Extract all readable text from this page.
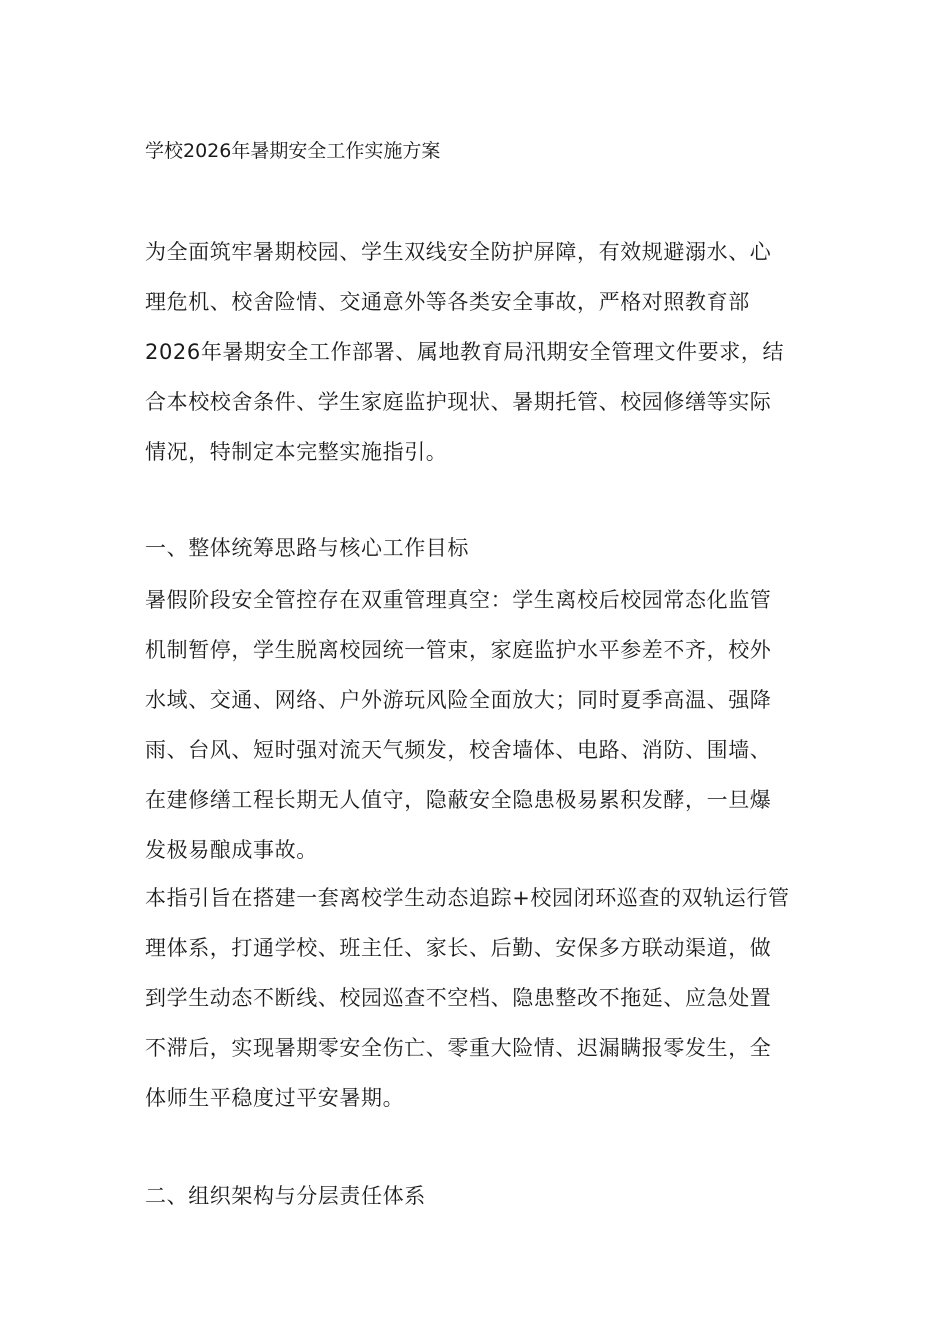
学校2026年暑期安全工作实施方案

为全面筑牢暑期校园、学生双线安全防护屏障，有效规避溺水、心
理危机、校舍险情、交通意外等各类安全事故，严格对照教育部
2026年暑期安全工作部署、属地教育局汛期安全管理文件要求，结
合本校校舍条件、学生家庭监护现状、暑期托管、校园修缮等实际
情况，特制定本完整实施指引。

一、整体统筹思路与核心工作目标

暑假阶段安全管控存在双重管理真空：学生离校后校园常态化监管
机制暂停，学生脱离校园统一管束，家庭监护水平参差不齐，校外
水域、交通、网络、户外游玩风险全面放大；同时夏季高温、强降
雨、台风、短时强对流天气频发，校舍墙体、电路、消防、围墙、
在建修缮工程长期无人值守，隐蔽安全隐患极易累积发酵，一旦爆
发极易酿成事故。

本指引旨在搭建一套离校学生动态追踪+校园闭环巡查的双轨运行管
理体系，打通学校、班主任、家长、后勤、安保多方联动渠道，做
到学生动态不断线、校园巡查不空档、隐患整改不拖延、应急处置
不滞后，实现暑期零安全伤亡、零重大险情、迟漏瞒报零发生，全
体师生平稳度过平安暑期。

二、组织架构与分层责任体系
